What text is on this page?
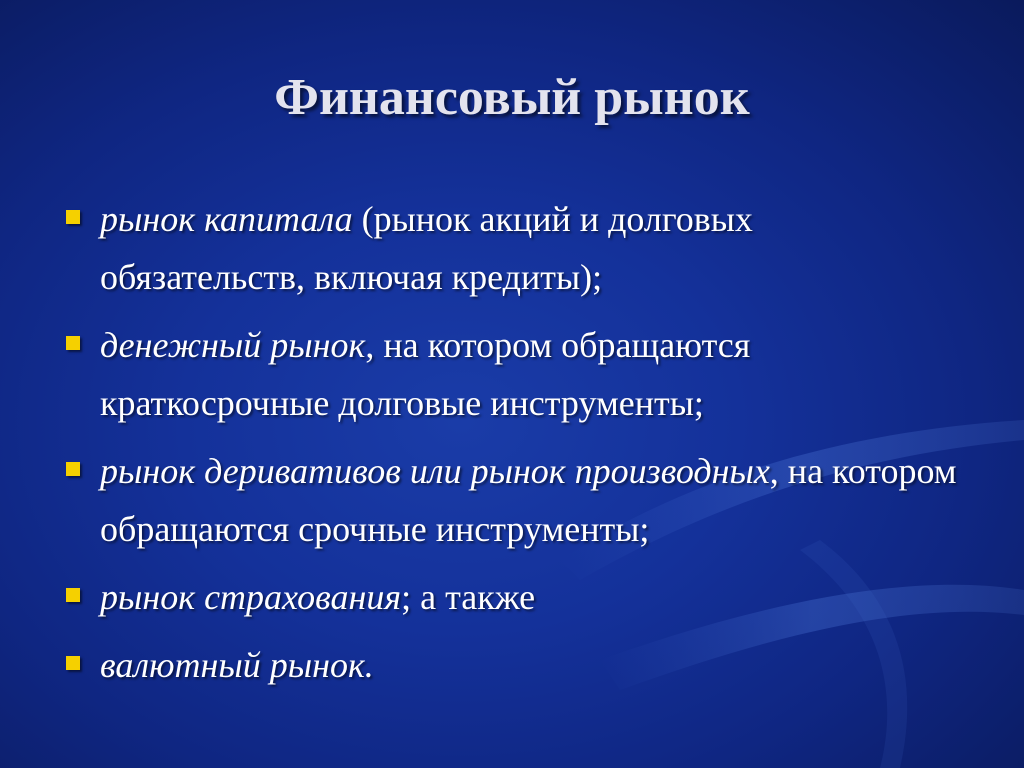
Финансовый рынок
рынок капитала (рынок акций и долговых обязательств, включая кредиты);
денежный рынок, на котором обращаются краткосрочные долговые инструменты;
рынок деривативов или рынок производных, на котором обращаются срочные инструменты;
рынок страхования; а также
валютный рынок.
